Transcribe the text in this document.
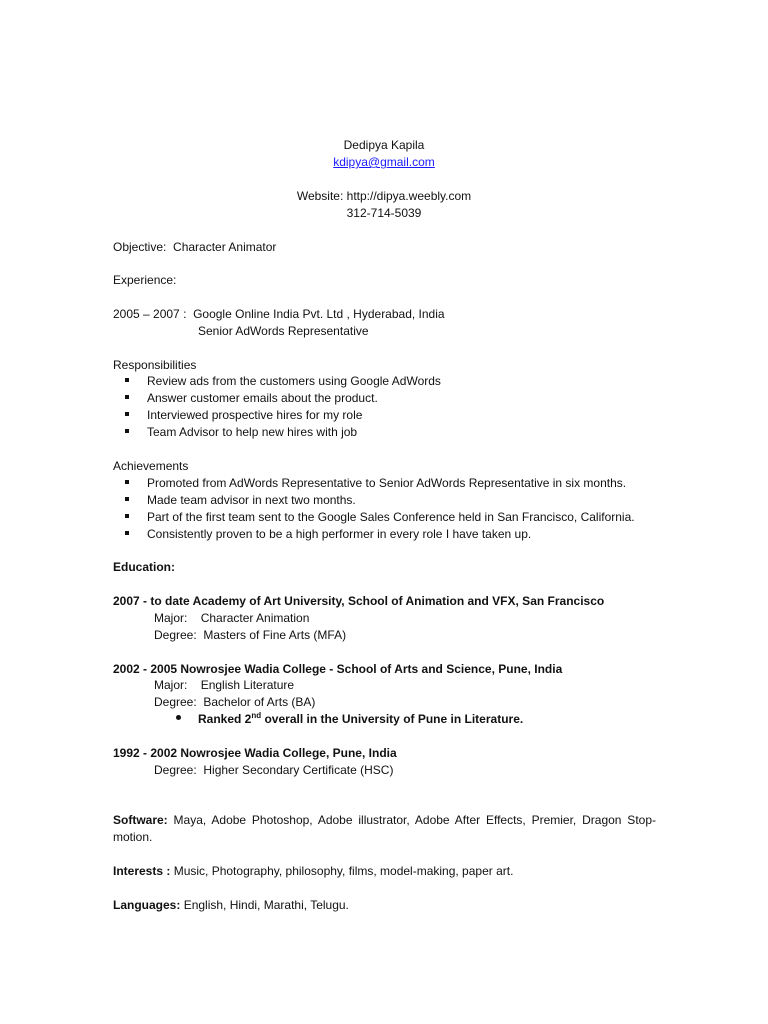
Dedipya Kapila
kdipya@gmail.com
Website: http://dipya.weebly.com
312-714-5039
Objective: Character Animator
Experience:
2005 – 2007 : Google Online India Pvt. Ltd , Hyderabad, India
Senior AdWords Representative
Responsibilities
Review ads from the customers using Google AdWords
Answer customer emails about the product.
Interviewed prospective hires for my role
Team Advisor to help new hires with job
Achievements
Promoted from AdWords Representative to Senior AdWords Representative in six months.
Made team advisor in next two months.
Part of the first team sent to the Google Sales Conference held in San Francisco, California.
Consistently proven to be a high performer in every role I have taken up.
Education:
2007 - to date Academy of Art University, School of Animation and VFX, San Francisco
Major: Character Animation
Degree: Masters of Fine Arts (MFA)
2002 - 2005 Nowrosjee Wadia College - School of Arts and Science, Pune, India
Major: English Literature
Degree: Bachelor of Arts (BA)
Ranked 2nd overall in the University of Pune in Literature.
1992 - 2002 Nowrosjee Wadia College, Pune, India
Degree: Higher Secondary Certificate (HSC)
Software: Maya, Adobe Photoshop, Adobe illustrator, Adobe After Effects, Premier, Dragon Stop-motion.
Interests : Music, Photography, philosophy, films, model-making, paper art.
Languages: English, Hindi, Marathi, Telugu.
